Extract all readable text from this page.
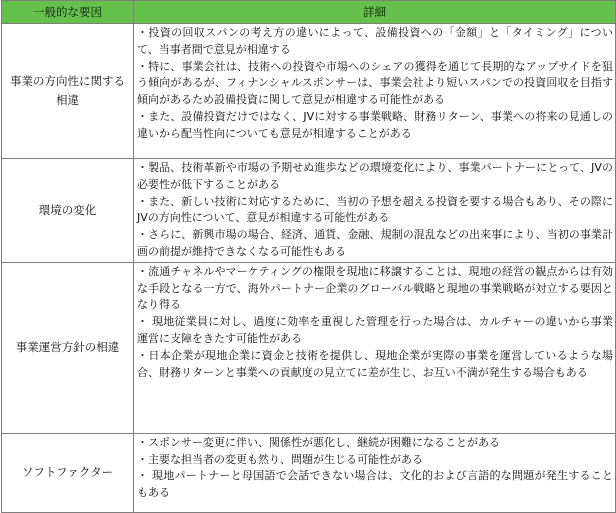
一般的な要因	詳細

事業の方向性に関する
相違	・投資の回収スパンの考え方の違いによって、設備投資への「金額」と「タイミング」について、当事者間で意見が相違する
・特に、事業会社は、技術への投資や市場へのシェアの獲得を通じて長期的なアップサイドを狙う傾向があるが、フィナンシャルスポンサーは、事業会社より短いスパンでの投資回収を目指す傾向があるため設備投資に関して意見が相違する可能性がある
・また、設備投資だけではなく、JVに対する事業戦略、財務リターン、事業への将来の見通しの違いから配当性向についても意見が相違することがある

環境の変化	・製品、技術革新や市場の予期せぬ進歩などの環境変化により、事業パートナーにとって、JVの必要性が低下することがある
・また、新しい技術に対応するために、当初の予想を超える投資を要する場合もあり、その際にJVの方向性について、意見が相違する可能性がある
・さらに、新興市場の場合、経済、通貨、金融、規制の混乱などの出来事により、当初の事業計画の前提が維持できなくなる可能性もある

事業運営方針の相違	・流通チャネルやマーケティングの権限を現地に移譲することは、現地の経営の観点からは有効な手段となる一方で、海外パートナー企業のグローバル戦略と現地の事業戦略が対立する要因となり得る
・ 現地従業員に対し、過度に効率を重視した管理を行った場合は、カルチャーの違いから事業運営に支障をきたす可能性がある
・日本企業が現地企業に資金と技術を提供し、現地企業が実際の事業を運営しているような場合、財務リターンと事業への貢献度の見立てに差が生じ、お互い不満が発生する場合もある

ソフトファクター	・スポンサー変更に伴い、関係性が悪化し、継続が困難になることがある
・主要な担当者の変更も然り、問題が生じる可能性がある
・ 現地パートナーと母国語で会話できない場合は、文化的および言語的な問題が発生することもある
